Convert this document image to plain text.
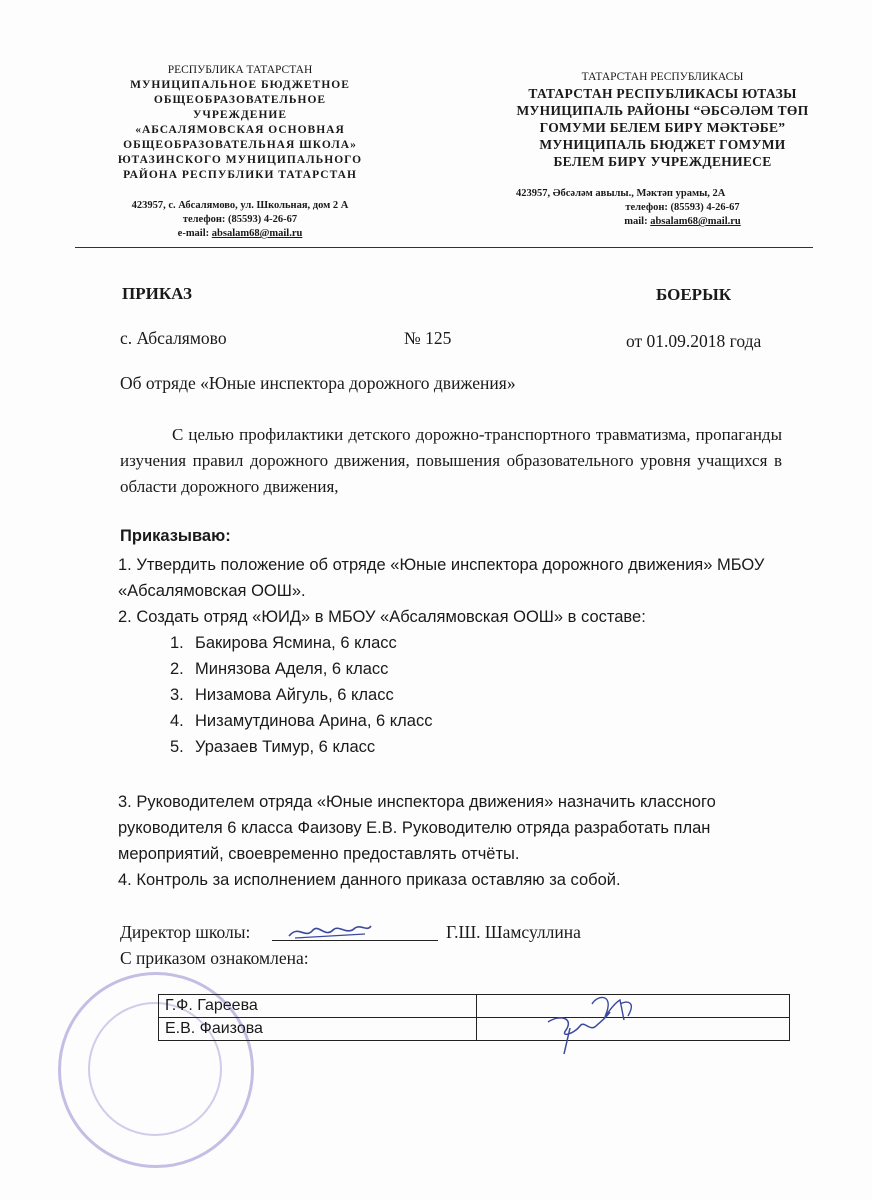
РЕСПУБЛИКА ТАТАРСТАН
МУНИЦИПАЛЬНОЕ БЮДЖЕТНОЕ
ОБЩЕОБРАЗОВАТЕЛЬНОЕ
УЧРЕЖДЕНИЕ
«АБСАЛЯМОВСКАЯ ОСНОВНАЯ
ОБЩЕОБРАЗОВАТЕЛЬНАЯ ШКОЛА»
ЮТАЗИНСКОГО МУНИЦИПАЛЬНОГО
РАЙОНА РЕСПУБЛИКИ ТАТАРСТАН
423957, с. Абсалямово, ул. Школьная, дом 2 А
телефон: (85593) 4-26-67
e-mail: absalam68@mail.ru
ТАТАРСТАН РЕСПУБЛИКАСЫ
ТАТАРСТАН РЕСПУБЛИКАСЫ ЮТАЗЫ
МУНИЦИПАЛЬ РАЙОНЫ “ӘБСӘЛӘМ ТӨП
ГОМУМИ БЕЛЕМ БИРҮ МӘКТӘБЕ”
МУНИЦИПАЛЬ БЮДЖЕТ ГОМУМИ
БЕЛЕМ БИРҮ УЧРЕЖДЕНИЕСЕ
423957, Әбсәләм авылы., Мәктәп урамы, 2А
телефон: (85593) 4-26-67
mail: absalam68@mail.ru
ПРИКАЗ	БОЕРЫК
с. Абсалямово	№ 125	от 01.09.2018 года
Об отряде «Юные инспектора дорожного движения»

С целью профилактики детского дорожно-транспортного травматизма, пропаганды изучения правил дорожного движения, повышения образовательного уровня учащихся в области дорожного движения,

Приказываю:
1. Утвердить положение об отряде «Юные инспектора дорожного движения» МБОУ «Абсалямовская ООШ».
2. Создать отряд «ЮИД» в МБОУ «Абсалямовская ООШ» в составе:
1. Бакирова Ясмина, 6 класс
2. Минязова Аделя, 6 класс
3. Низамова Айгуль, 6 класс
4. Низамутдинова Арина, 6 класс
5. Уразаев Тимур, 6 класс
3. Руководителем отряда «Юные инспектора движения» назначить классного руководителя 6 класса Фаизову Е.В. Руководителю отряда разработать план мероприятий, своевременно предоставлять отчёты.
4. Контроль за исполнением данного приказа оставляю за собой.
Директор школы:	Г.Ш. Шамсуллина
С приказом ознакомлена:
Г.Ф. Гареева	
Е.В. Фаизова	
